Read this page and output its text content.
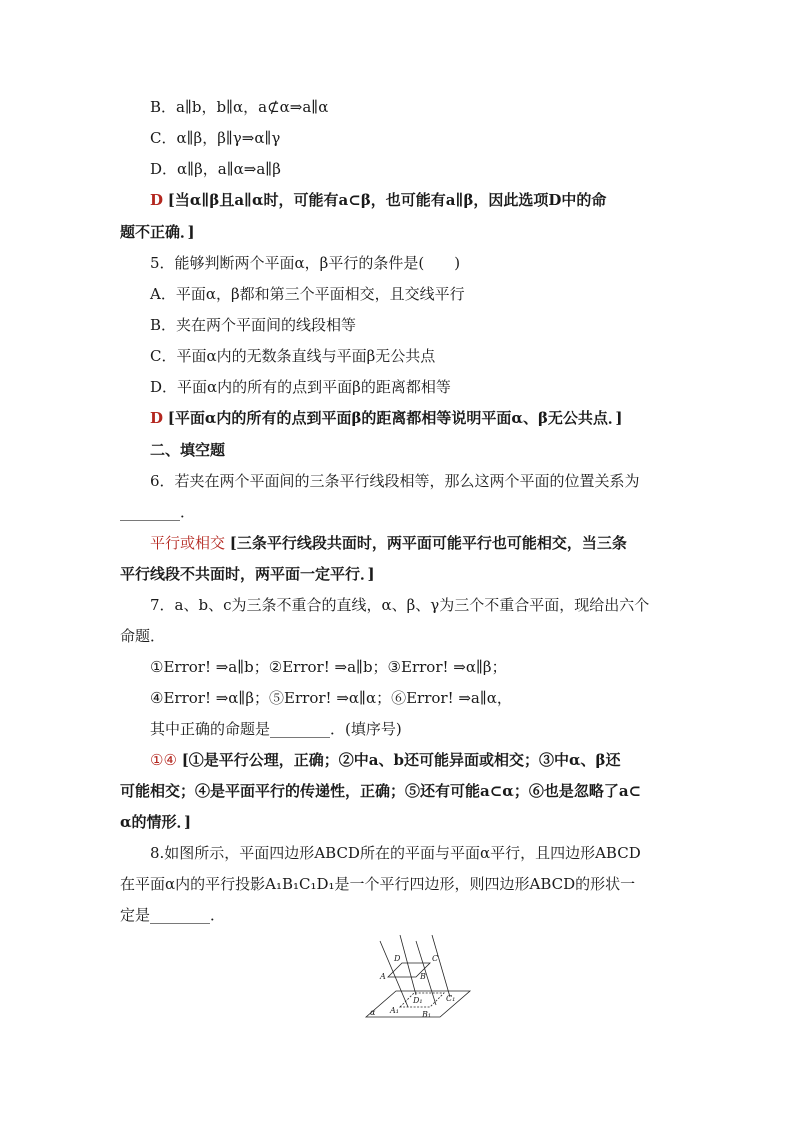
B．a∥b，b∥α，a⊄α⇒a∥α
C．α∥β，β∥γ⇒α∥γ
D．α∥β，a∥α⇒a∥β
D [当α∥β且a∥α时，可能有a⊂β，也可能有a∥β，因此选项D中的命
题不正确．]
5．能够判断两个平面α，β平行的条件是(　　)
A．平面α，β都和第三个平面相交，且交线平行
B．夹在两个平面间的线段相等
C．平面α内的无数条直线与平面β无公共点
D．平面α内的所有的点到平面β的距离都相等
D [平面α内的所有的点到平面β的距离都相等说明平面α、β无公共点．]
二、填空题
6．若夹在两个平面间的三条平行线段相等，那么这两个平面的位置关系为
________．
平行或相交 [三条平行线段共面时，两平面可能平行也可能相交，当三条
平行线段不共面时，两平面一定平行．]
7．a、b、c为三条不重合的直线，α、β、γ为三个不重合平面，现给出六个
命题．
①Error! ⇒a∥b；②Error! ⇒a∥b；③Error! ⇒α∥β；
④Error! ⇒α∥β；⑤Error! ⇒α∥α；⑥Error! ⇒a∥α，
其中正确的命题是________．(填序号)
①④ [①是平行公理，正确；②中a、b还可能异面或相交；③中α、β还
可能相交；④是平面平行的传递性，正确；⑤还有可能a⊂α；⑥也是忽略了a⊂
α的情形．]
8.如图所示，平面四边形ABCD所在的平面与平面α平行，且四边形ABCD
在平面α内的平行投影A₁B₁C₁D₁是一个平行四边形，则四边形ABCD的形状一
定是________．
D	C
A	B
D₁	C₁
A₁	B₁
α
